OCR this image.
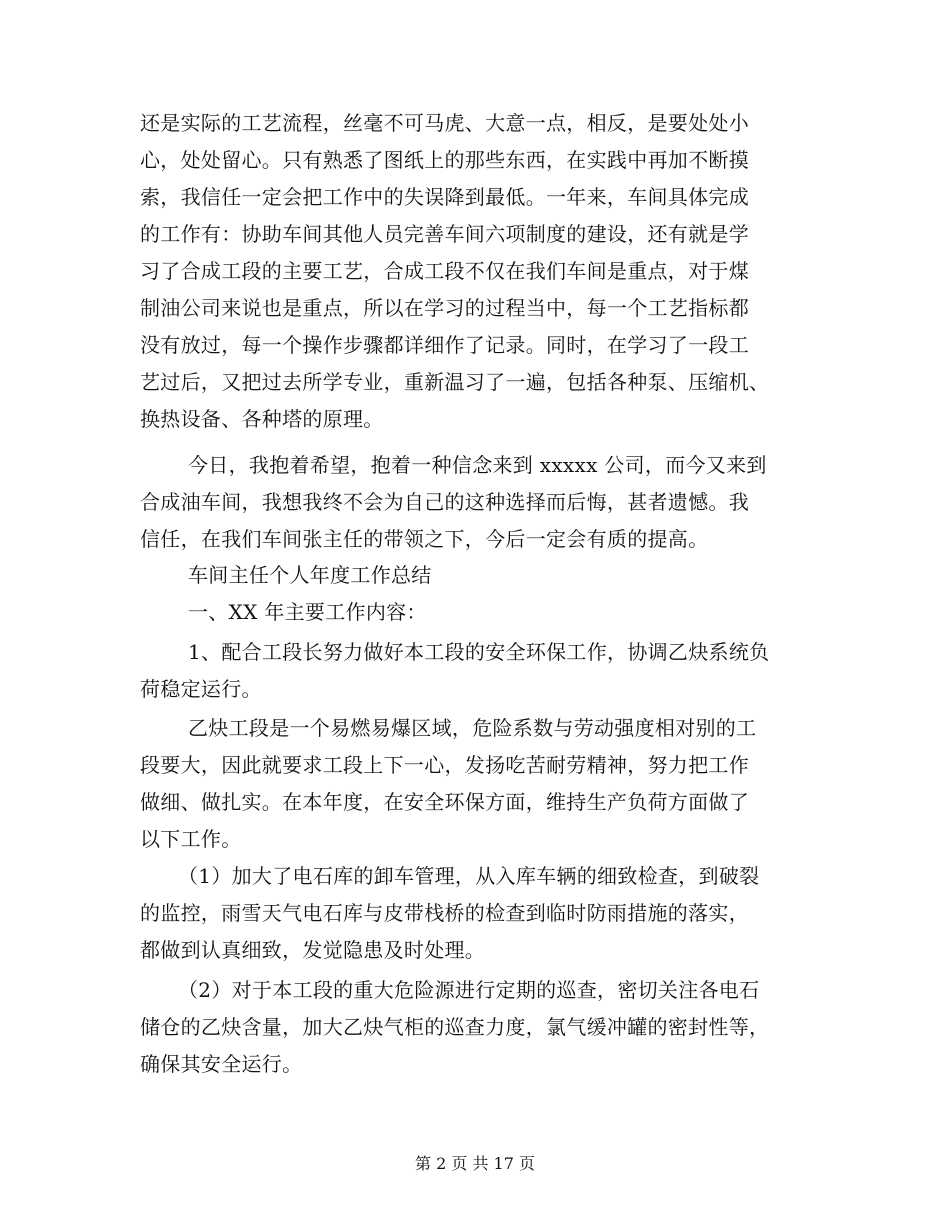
还是实际的工艺流程，丝毫不可马虎、大意一点，相反，是要处处小
心，处处留心。只有熟悉了图纸上的那些东西，在实践中再加不断摸
索，我信任一定会把工作中的失误降到最低。一年来，车间具体完成
的工作有：协助车间其他人员完善车间六项制度的建设，还有就是学
习了合成工段的主要工艺，合成工段不仅在我们车间是重点，对于煤
制油公司来说也是重点，所以在学习的过程当中，每一个工艺指标都
没有放过，每一个操作步骤都详细作了记录。同时，在学习了一段工
艺过后，又把过去所学专业，重新温习了一遍，包括各种泵、压缩机、
换热设备、各种塔的原理。
今日，我抱着希望，抱着一种信念来到 xxxxx 公司，而今又来到
合成油车间，我想我终不会为自己的这种选择而后悔，甚者遗憾。我
信任，在我们车间张主任的带领之下，今后一定会有质的提高。
车间主任个人年度工作总结
一、XX 年主要工作内容：
1、配合工段长努力做好本工段的安全环保工作，协调乙炔系统负
荷稳定运行。
乙炔工段是一个易燃易爆区域，危险系数与劳动强度相对别的工
段要大，因此就要求工段上下一心，发扬吃苦耐劳精神，努力把工作
做细、做扎实。在本年度，在安全环保方面，维持生产负荷方面做了
以下工作。
（1）加大了电石库的卸车管理，从入库车辆的细致检查，到破裂
的监控，雨雪天气电石库与皮带栈桥的检查到临时防雨措施的落实，
都做到认真细致，发觉隐患及时处理。
（2）对于本工段的重大危险源进行定期的巡查，密切关注各电石
储仓的乙炔含量，加大乙炔气柜的巡查力度，氯气缓冲罐的密封性等，
确保其安全运行。
第 2 页 共 17 页
